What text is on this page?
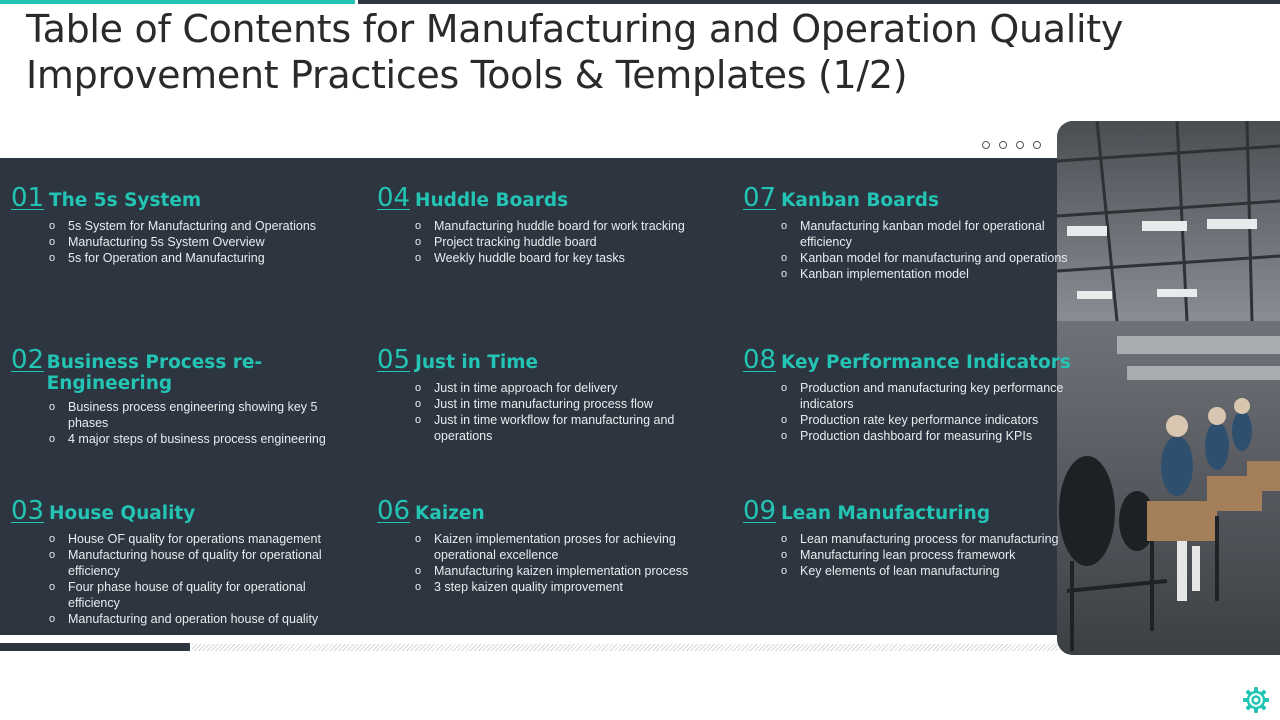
Table of Contents for Manufacturing and Operation Quality Improvement Practices Tools & Templates (1/2)
01 The 5s System
o 5s System for Manufacturing and Operations
o Manufacturing 5s System Overview
o 5s for Operation and Manufacturing
02 Business Process re-Engineering
o Business process engineering showing key 5 phases
o 4 major steps of business process engineering
03 House Quality
o House OF quality for operations management
o Manufacturing house of quality for operational efficiency
o Four phase house of quality for operational efficiency
o Manufacturing and operation house of quality
04 Huddle Boards
o Manufacturing huddle board for work tracking
o Project tracking huddle board
o Weekly huddle board for key tasks
05 Just in Time
o Just in time approach for delivery
o Just in time manufacturing process flow
o Just in time workflow for manufacturing and operations
06 Kaizen
o Kaizen implementation proses for achieving operational excellence
o Manufacturing kaizen implementation process
o 3 step kaizen quality improvement
07 Kanban Boards
o Manufacturing kanban model for operational efficiency
o Kanban model for manufacturing and operations
o Kanban implementation model
08 Key Performance Indicators
o Production and manufacturing key performance indicators
o Production rate key performance indicators
o Production dashboard for measuring KPIs
09 Lean Manufacturing
o Lean manufacturing process for manufacturing
o Manufacturing lean process framework
o Key elements of lean manufacturing
